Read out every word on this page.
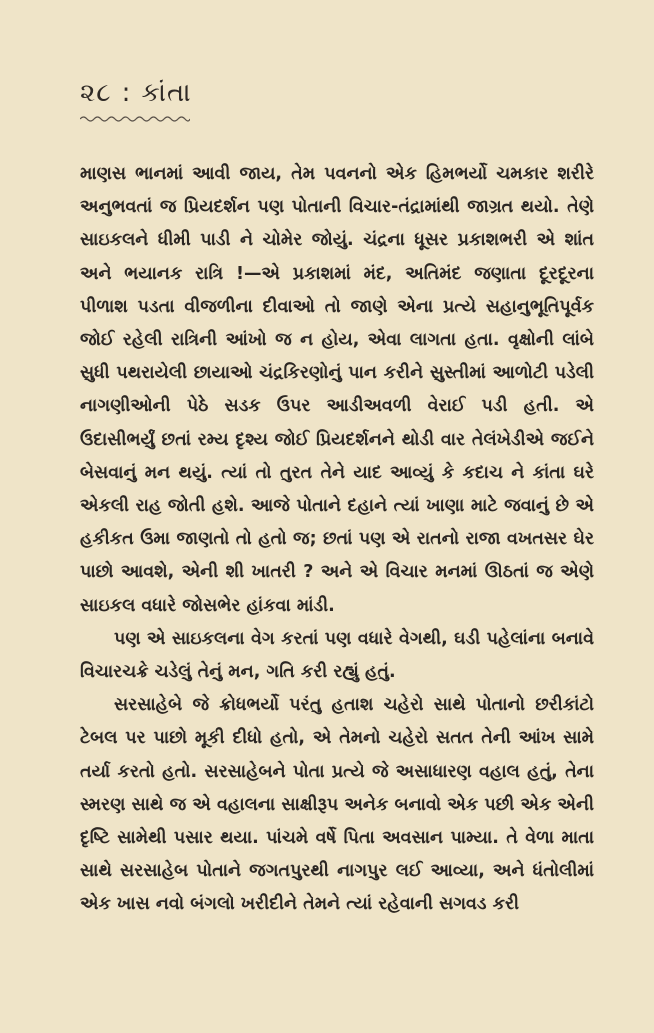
૨૮ : કાંતા

માણસ ભાનમાં આવી જાય, તેમ પવનનો એક હિમભર્યો ચમકાર શરીરે અનુભવતાં જ પ્રિયદર્શન પણ પોતાની વિચાર-તંદ્રામાંથી જાગ્રત થયો. તેણે સાઇકલને ધીમી પાડી ને ચોમેર જોયું. ચંદ્રના ધૂસર પ્રકાશભરી એ શાંત અને ભયાનક રાત્રિ !—એ પ્રકાશમાં મંદ, અતિમંદ જણાતા દૂરદૂરના પીળાશ પડતા વીજળીના દીવાઓ તો જાણે એના પ્રત્યે સહાનુભૂતિપૂર્વક જોઈ રહેલી રાત્રિની આંખો જ ન હોય, એવા લાગતા હતા. વૃક્ષોની લાંબે સુધી પથરાયેલી છાયાઓ ચંદ્રકિરણોનું પાન કરીને સુસ્તીમાં આળોટી પડેલી નાગણીઓની પેઠે સડક ઉપર આડીઅવળી વેરાઈ પડી હતી. એ ઉદાસીભર્યું છતાં રમ્ય દૃશ્ય જોઈ પ્રિયદર્શનને થોડી વાર તેલંખેડીએ જઈને બેસવાનું મન થયું. ત્યાં તો તુરત તેને યાદ આવ્યું કે કદાચ ને કાંતા ઘરે એકલી રાહ જોતી હશે. આજે પોતાને દહાને ત્યાં ખાણા માટે જવાનું છે એ હકીકત ઉમા જાણતો તો હતો જ; છતાં પણ એ રાતનો રાજા વખતસર ઘેર પાછો આવશે, એની શી ખાતરી ? અને એ વિચાર મનમાં ઊઠતાં જ એણે સાઇકલ વધારે જોસભેર હાંકવા માંડી.

પણ એ સાઇકલના વેગ કરતાં પણ વધારે વેગથી, ઘડી પહેલાંના બનાવે વિચારચક્રે ચડેલું તેનું મન, ગતિ કરી રહ્યું હતું.

સરસાહેબે જે ક્રોધભર્યો પરંતુ હતાશ ચહેરો સાથે પોતાનો છરીકાંટો ટેબલ પર પાછો મૂકી દીધો હતો, એ તેમનો ચહેરો સતત તેની આંખ સામે તર્યા કરતો હતો. સરસાહેબને પોતા પ્રત્યે જે અસાધારણ વહાલ હતું, તેના સ્મરણ સાથે જ એ વહાલના સાક્ષીરૂપ અનેક બનાવો એક પછી એક એની દૃષ્ટિ સામેથી પસાર થયા. પાંચમે વર્ષે પિતા અવસાન પામ્યા. તે વેળા માતા સાથે સરસાહેબ પોતાને જગતપુરથી નાગપુર લઈ આવ્યા, અને ધંતોલીમાં એક ખાસ નવો બંગલો ખરીદીને તેમને ત્યાં રહેવાની સગવડ કરી
